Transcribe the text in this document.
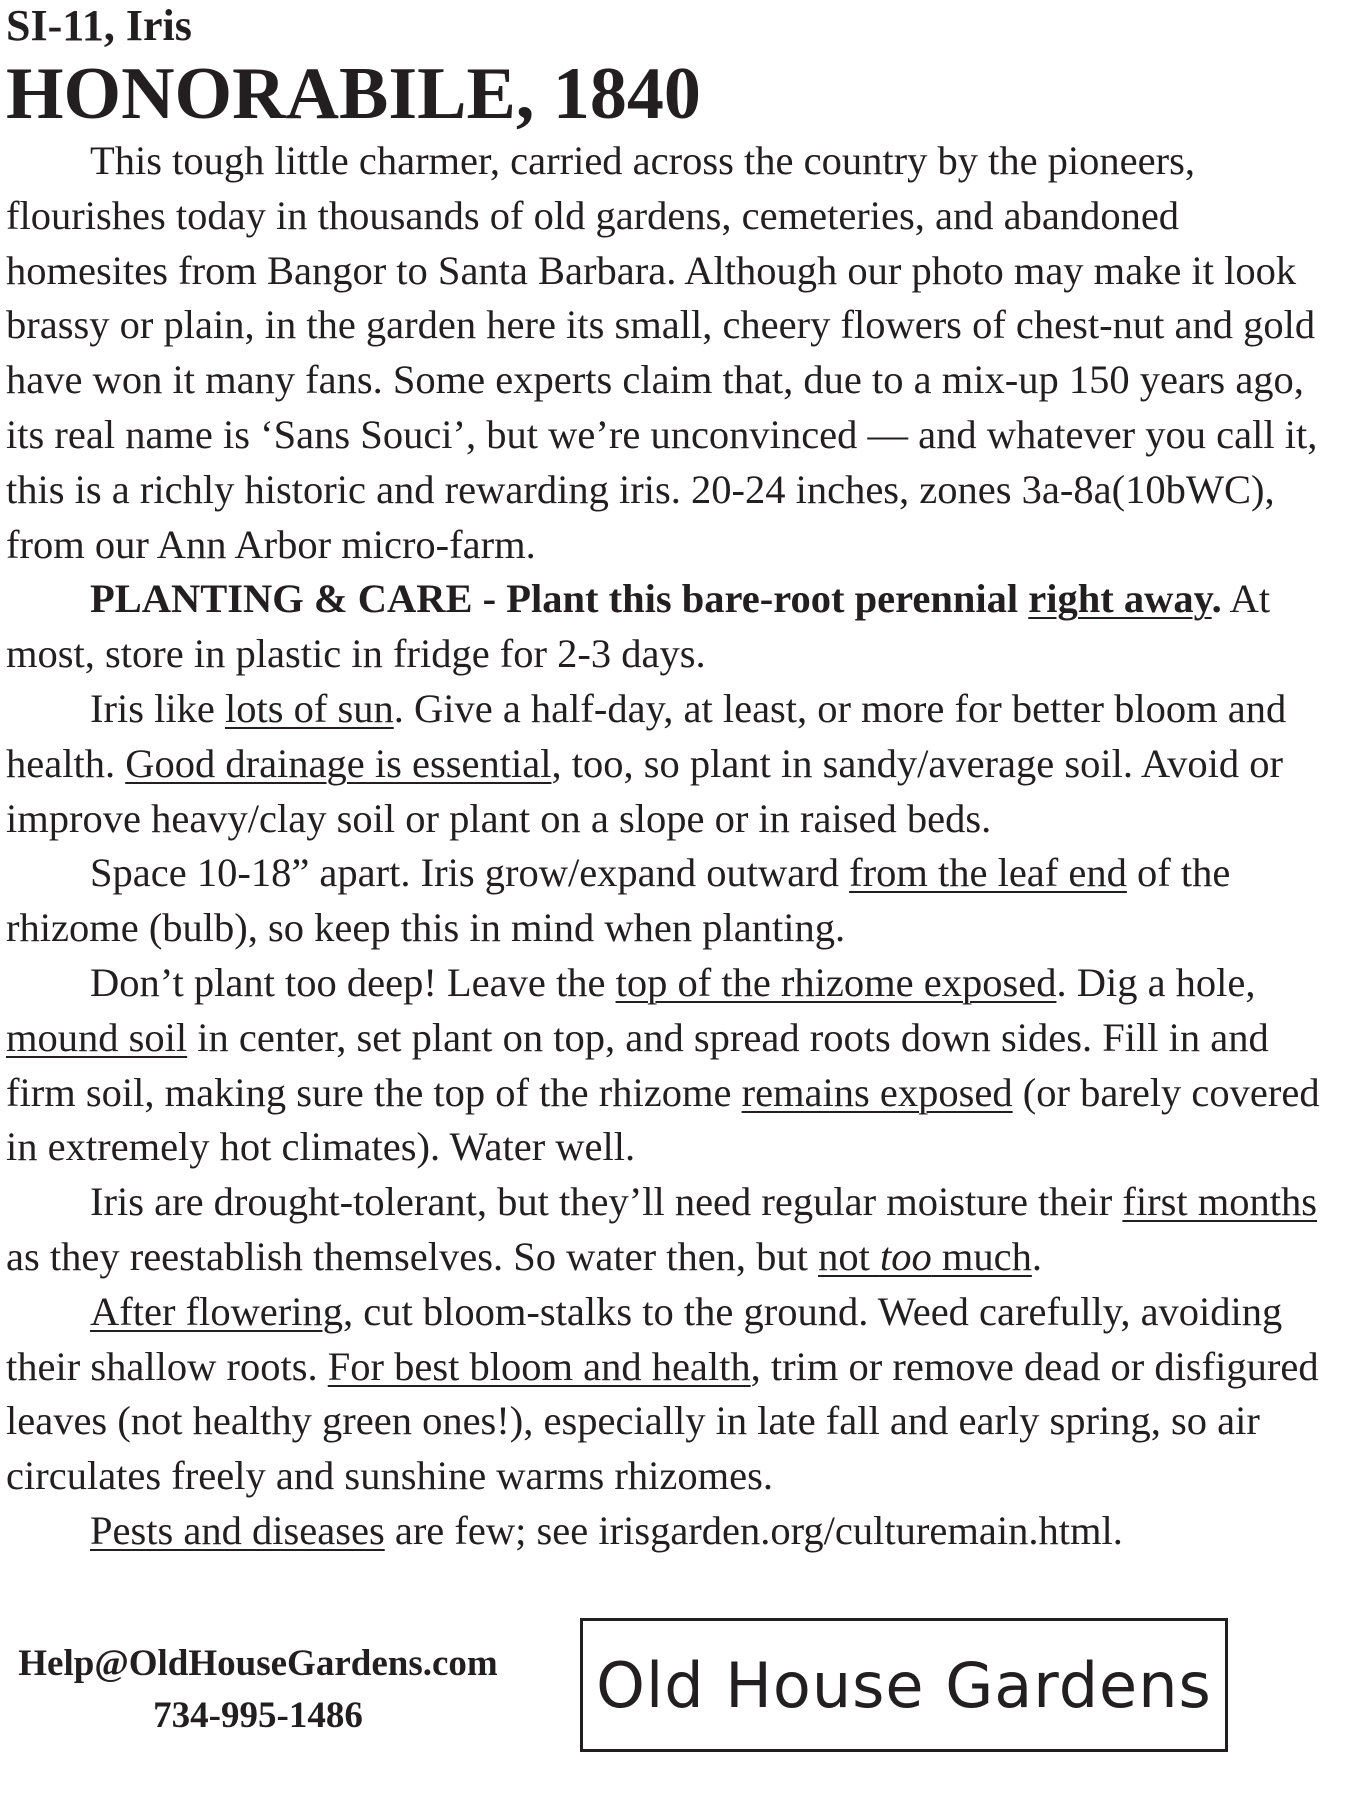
SI-11, Iris
HONORABILE, 1840

This tough little charmer, carried across the country by the pioneers, flourishes today in thousands of old gardens, cemeteries, and abandoned homesites from Bangor to Santa Barbara. Although our photo may make it look brassy or plain, in the garden here its small, cheery flowers of chest-nut and gold have won it many fans. Some experts claim that, due to a mix-up 150 years ago, its real name is ‘Sans Souci’, but we’re unconvinced — and whatever you call it, this is a richly historic and rewarding iris. 20-24 inches, zones 3a-8a(10bWC), from our Ann Arbor micro-farm.

PLANTING & CARE - Plant this bare-root perennial right away. At most, store in plastic in fridge for 2-3 days.

Iris like lots of sun. Give a half-day, at least, or more for better bloom and health. Good drainage is essential, too, so plant in sandy/average soil. Avoid or improve heavy/clay soil or plant on a slope or in raised beds.

Space 10-18” apart. Iris grow/expand outward from the leaf end of the rhizome (bulb), so keep this in mind when planting.

Don’t plant too deep! Leave the top of the rhizome exposed. Dig a hole, mound soil in center, set plant on top, and spread roots down sides. Fill in and firm soil, making sure the top of the rhizome remains exposed (or barely covered in extremely hot climates). Water well.

Iris are drought-tolerant, but they’ll need regular moisture their first months as they reestablish themselves. So water then, but not too much.

After flowering, cut bloom-stalks to the ground. Weed carefully, avoiding their shallow roots. For best bloom and health, trim or remove dead or disfigured leaves (not healthy green ones!), especially in late fall and early spring, so air circulates freely and sunshine warms rhizomes.

Pests and diseases are few; see irisgarden.org/culturemain.html.

Help@OldHouseGardens.com
734-995-1486	Old House Gardens
